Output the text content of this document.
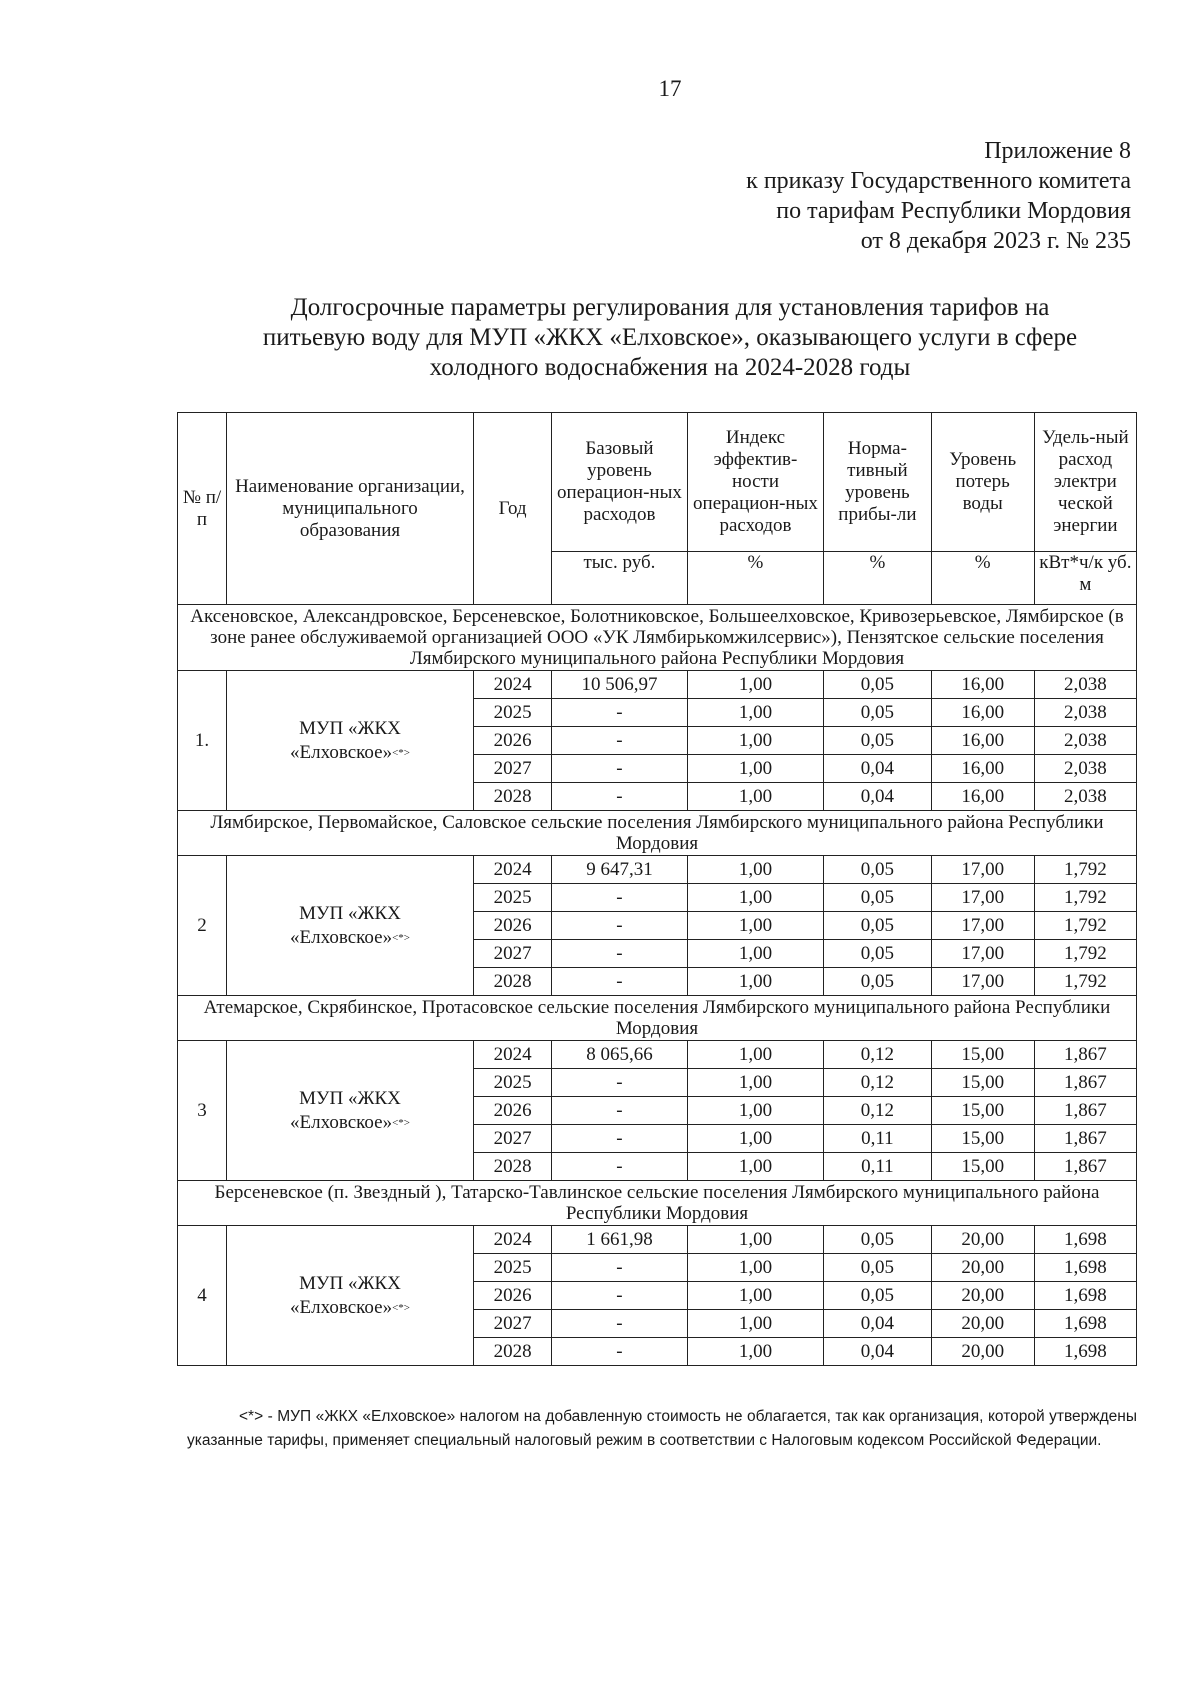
17
Приложение 8
к приказу Государственного комитета
по тарифам Республики Мордовия
от 8 декабря 2023 г. № 235
Долгосрочные параметры регулирования для установления тарифов на
питьевую воду для МУП «ЖКХ «Елховское», оказывающего услуги в сфере
холодного водоснабжения на 2024-2028 годы
№ п/п	Наименование организации, муниципального образования	Год	Базовый уровень операцион-ных расходов	Индекс эффектив-ности операцион-ных расходов	Норма-тивный уровень прибы-ли	Уровень потерь воды	Удель-ный расход электри ческой энергии
			тыс. руб.	%	%	%	кВт*ч/к уб. м
Аксеновское, Александровское, Берсеневское, Болотниковское, Большеелховское, Кривозерьевское, Лямбирское (в зоне ранее обслуживаемой организацией ООО «УК Лямбирькомжилсервис»), Пензятское сельские поселения Лямбирского муниципального района Республики Мордовия							
1.	МУП «ЖКХ
«Елховское»<*>	2024	10 506,97	1,00	0,05	16,00	2,038
		2025	-	1,00	0,05	16,00	2,038
		2026	-	1,00	0,05	16,00	2,038
		2027	-	1,00	0,04	16,00	2,038
		2028	-	1,00	0,04	16,00	2,038
Лямбирское, Первомайское, Саловское сельские поселения Лямбирского муниципального района Республики Мордовия							
2	МУП «ЖКХ
«Елховское»<*>	2024	9 647,31	1,00	0,05	17,00	1,792
		2025	-	1,00	0,05	17,00	1,792
		2026	-	1,00	0,05	17,00	1,792
		2027	-	1,00	0,05	17,00	1,792
		2028	-	1,00	0,05	17,00	1,792
Атемарское, Скрябинское, Протасовское сельские поселения Лямбирского муниципального района Республики Мордовия							
3	МУП «ЖКХ
«Елховское»<*>	2024	8 065,66	1,00	0,12	15,00	1,867
		2025	-	1,00	0,12	15,00	1,867
		2026	-	1,00	0,12	15,00	1,867
		2027	-	1,00	0,11	15,00	1,867
		2028	-	1,00	0,11	15,00	1,867
Берсеневское (п. Звездный ), Татарско-Тавлинское сельские поселения Лямбирского муниципального района Республики Мордовия							
4	МУП «ЖКХ
«Елховское»<*>	2024	1 661,98	1,00	0,05	20,00	1,698
		2025	-	1,00	0,05	20,00	1,698
		2026	-	1,00	0,05	20,00	1,698
		2027	-	1,00	0,04	20,00	1,698
		2028	-	1,00	0,04	20,00	1,698
<*> - МУП «ЖКХ «Елховское» налогом на добавленную стоимость не облагается, так как организация, которой утверждены указанные тарифы, применяет специальный налоговый режим в соответствии с Налоговым кодексом Российской Федерации.
